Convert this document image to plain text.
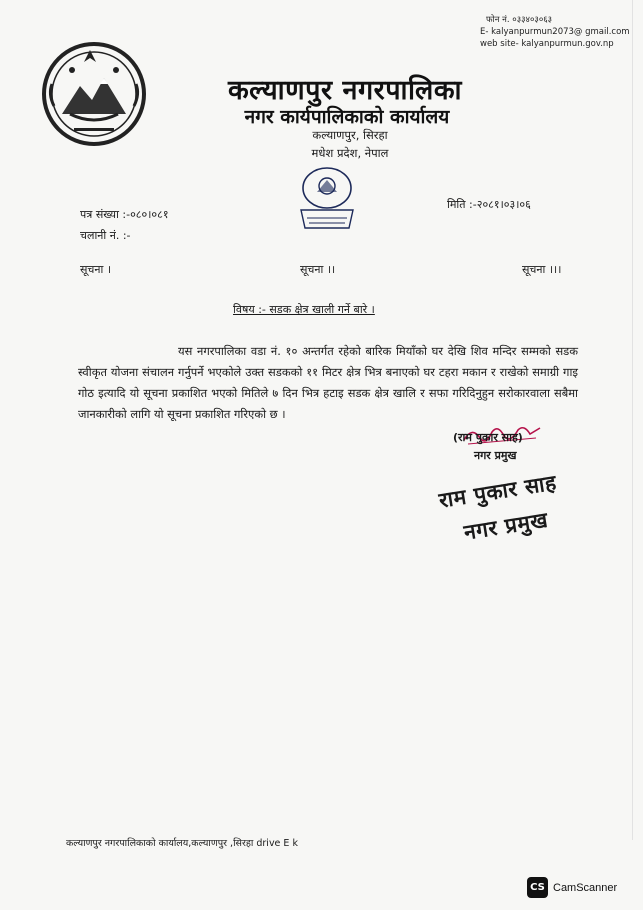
फोन नं. ०३३४०३०६३
E- kalyanpurmun2073@ gmail.com
web site- kalyanpurmun.gov.np
कल्याणपुर नगरपालिका
नगर कार्यपालिकाको कार्यालय
कल्याणपुर, सिरहा
मधेश प्रदेश, नेपाल
पत्र संख्या :-०८०।०८१
चलानी नं. :-
मिति :-२०८१।०३।०६
सूचना ।	सूचना ।।	सूचना ।।।
विषय :- सडक क्षेत्र खाली गर्ने बारे ।
यस नगरपालिका वडा नं. १० अन्तर्गत रहेको बारिक मियाँको घर देखि शिव मन्दिर सम्मको सडक स्वीकृत योजना संचालन गर्नुपर्ने भएकोले उक्त सडकको ११ मिटर क्षेत्र भित्र बनाएको घर टहरा मकान र राखेको समाग्री गाइ गोठ इत्यादि यो सूचना प्रकाशित भएको मितिले ७ दिन भित्र हटाइ सडक क्षेत्र खालि र सफा गरिदिनुहुन सरोकारवाला सबैमा जानकारीको लागि यो सूचना प्रकाशित गरिएको छ ।
(राम पुकार साह)
नगर प्रमुख
राम पुकार साह
नगर प्रमुख
कल्याणपुर नगरपालिकाको कार्यालय,कल्याणपुर ,सिरहा drive E k
CS CamScanner
